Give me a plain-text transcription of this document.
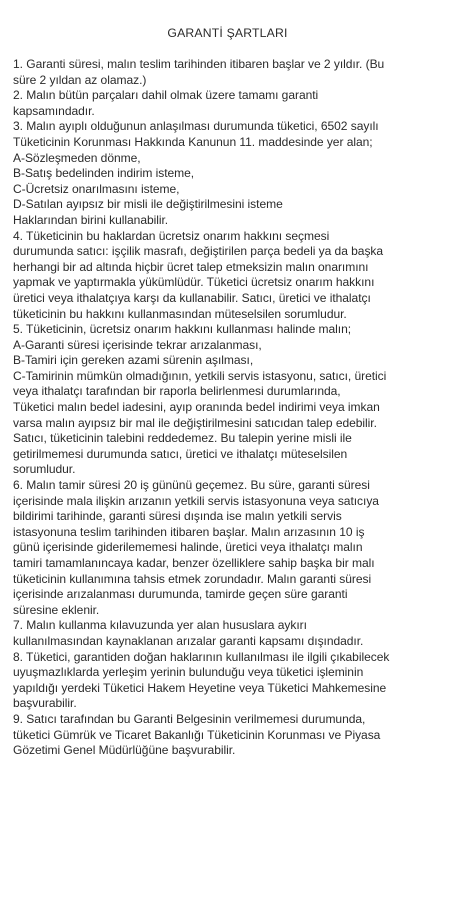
GARANTİ ŞARTLARI
1. Garanti süresi, malın teslim tarihinden itibaren başlar ve 2 yıldır. (Bu
süre 2 yıldan az olamaz.)
2. Malın bütün parçaları dahil olmak üzere tamamı garanti
kapsamındadır.
3. Malın ayıplı olduğunun anlaşılması durumunda tüketici, 6502 sayılı
Tüketicinin Korunması Hakkında Kanunun 11. maddesinde yer alan;
A-Sözleşmeden dönme,
B-Satış bedelinden indirim isteme,
C-Ücretsiz onarılmasını isteme,
D-Satılan ayıpsız bir misli ile değiştirilmesini isteme
Haklarından birini kullanabilir.
4. Tüketicinin bu haklardan ücretsiz onarım hakkını seçmesi
durumunda satıcı: işçilik masrafı, değiştirilen parça bedeli ya da başka
herhangi bir ad altında hiçbir ücret talep etmeksizin malın onarımını
yapmak ve yaptırmakla yükümlüdür. Tüketici ücretsiz onarım hakkını
üretici veya ithalatçıya karşı da kullanabilir. Satıcı, üretici ve ithalatçı
tüketicinin bu hakkını kullanmasından müteselsilen sorumludur.
5. Tüketicinin, ücretsiz onarım hakkını kullanması halinde malın;
A-Garanti süresi içerisinde tekrar arızalanması,
B-Tamiri için gereken azami sürenin aşılması,
C-Tamirinin mümkün olmadığının, yetkili servis istasyonu, satıcı, üretici
veya ithalatçı tarafından bir raporla belirlenmesi durumlarında,
Tüketici malın bedel iadesini, ayıp oranında bedel indirimi veya imkan
varsa malın ayıpsız bir mal ile değiştirilmesini satıcıdan talep edebilir.
Satıcı, tüketicinin talebini reddedemez. Bu talepin yerine misli ile
getirilmemesi durumunda satıcı, üretici ve ithalatçı müteselsilen
sorumludur.
6. Malın tamir süresi 20 iş gününü geçemez. Bu süre, garanti süresi
içerisinde mala ilişkin arızanın yetkili servis istasyonuna veya satıcıya
bildirimi tarihinde, garanti süresi dışında ise malın yetkili servis
istasyonuna teslim tarihinden itibaren başlar. Malın arızasının 10 iş
günü içerisinde giderilememesi halinde, üretici veya ithalatçı malın
tamiri tamamlanıncaya kadar, benzer özelliklere sahip başka bir malı
tüketicinin kullanımına tahsis etmek zorundadır. Malın garanti süresi
içerisinde arızalanması durumunda, tamirde geçen süre garanti
süresine eklenir.
7. Malın kullanma kılavuzunda yer alan hususlara aykırı
kullanılmasından kaynaklanan arızalar garanti kapsamı dışındadır.
8. Tüketici, garantiden doğan haklarının kullanılması ile ilgili çıkabilecek
uyuşmazlıklarda yerleşim yerinin bulunduğu veya tüketici işleminin
yapıldığı yerdeki Tüketici Hakem Heyetine veya Tüketici Mahkemesine
başvurabilir.
9. Satıcı tarafından bu Garanti Belgesinin verilmemesi durumunda,
tüketici Gümrük ve Ticaret Bakanlığı Tüketicinin Korunması ve Piyasa
Gözetimi Genel Müdürlüğüne başvurabilir.
